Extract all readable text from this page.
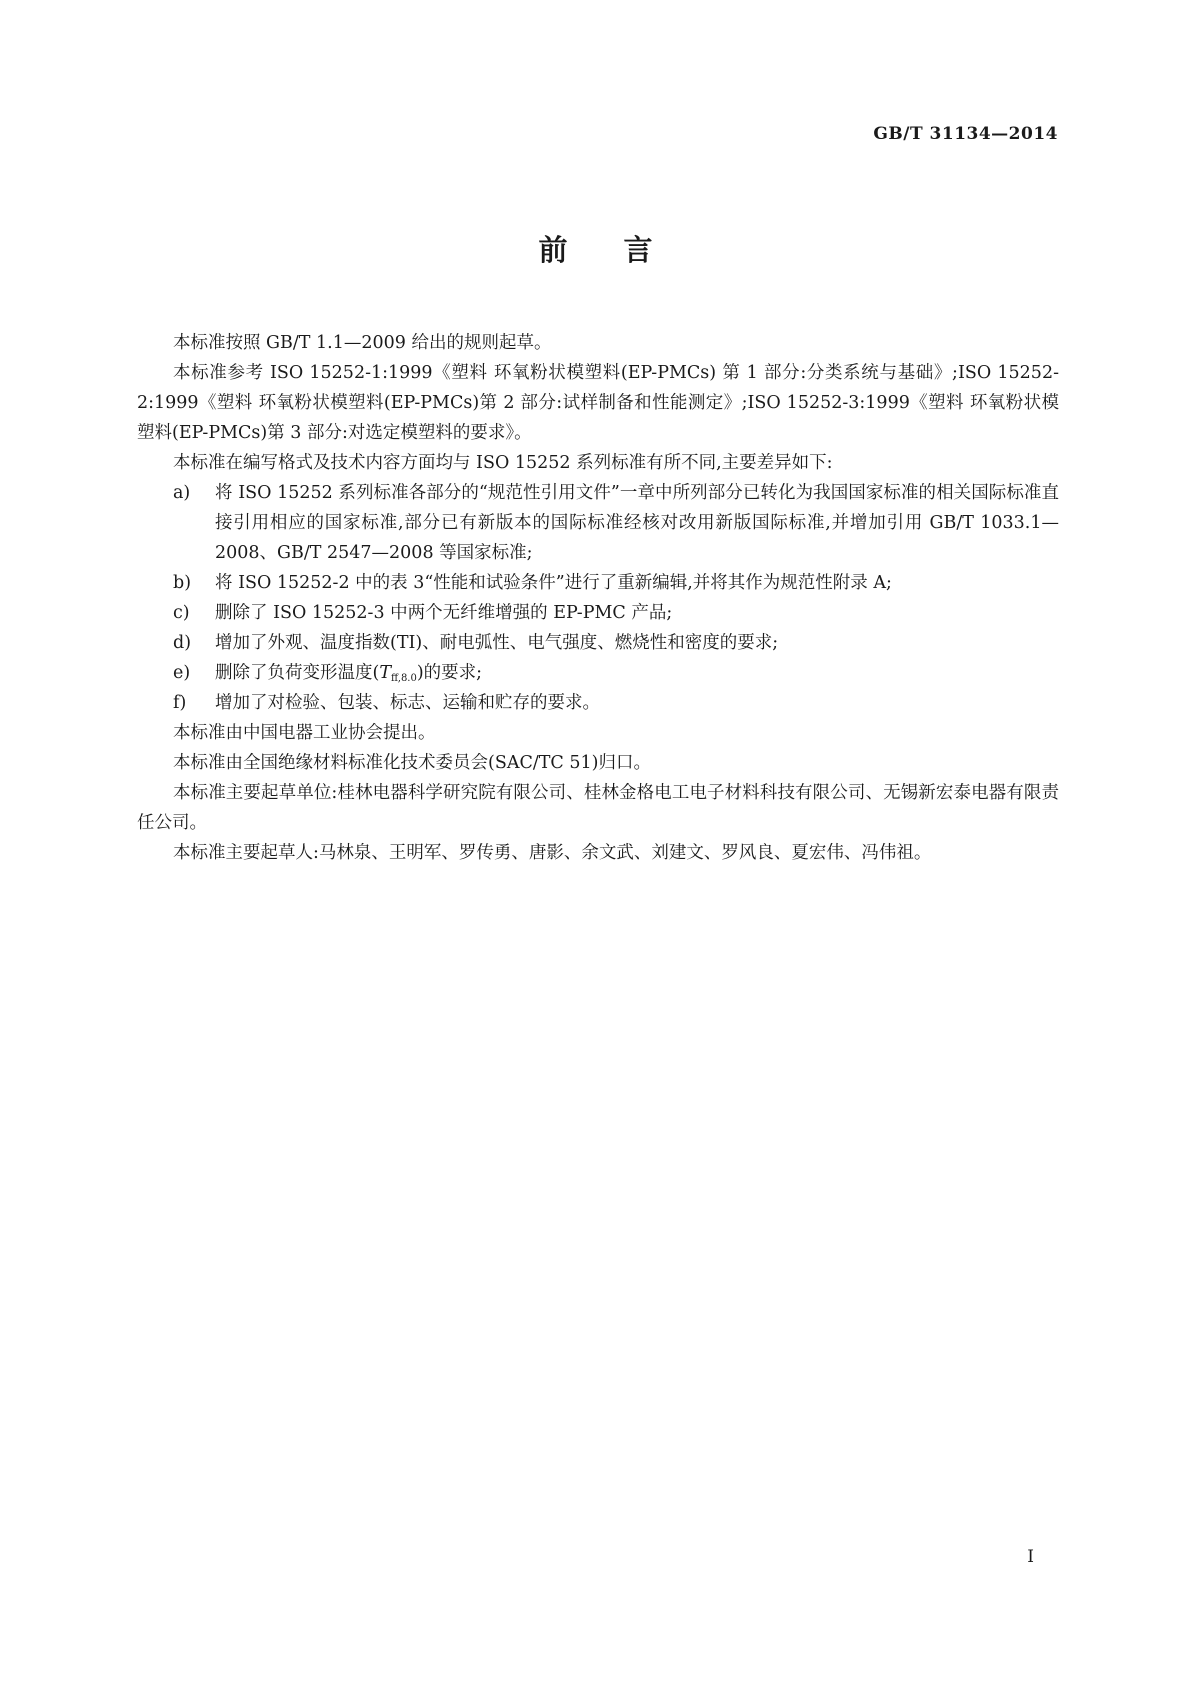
GB/T 31134—2014
前言

本标准按照 GB/T 1.1—2009 给出的规则起草。

本标准参考 ISO 15252-1:1999《塑料 环氧粉状模塑料(EP-PMCs) 第 1 部分:分类系统与基础》;ISO 15252-2:1999《塑料 环氧粉状模塑料(EP-PMCs)第 2 部分:试样制备和性能测定》;ISO 15252-3:1999《塑料 环氧粉状模塑料(EP-PMCs)第 3 部分:对选定模塑料的要求》。

本标准在编写格式及技术内容方面均与 ISO 15252 系列标准有所不同,主要差异如下:

a)	将 ISO 15252 系列标准各部分的“规范性引用文件”一章中所列部分已转化为我国国家标准的相关国际标准直接引用相应的国家标准,部分已有新版本的国际标准经核对改用新版国际标准,并增加引用 GB/T 1033.1—2008、GB/T 2547—2008 等国家标准;
b)	将 ISO 15252-2 中的表 3“性能和试验条件”进行了重新编辑,并将其作为规范性附录 A;
c)	删除了 ISO 15252-3 中两个无纤维增强的 EP-PMC 产品;
d)	增加了外观、温度指数(TI)、耐电弧性、电气强度、燃烧性和密度的要求;
e)	删除了负荷变形温度$(T_{ff,8.0})$的要求;
f)	增加了对检验、包装、标志、运输和贮存的要求。

本标准由中国电器工业协会提出。

本标准由全国绝缘材料标准化技术委员会(SAC/TC 51)归口。

本标准主要起草单位:桂林电器科学研究院有限公司、桂林金格电工电子材料科技有限公司、无锡新宏泰电器有限责任公司。

本标准主要起草人:马林泉、王明军、罗传勇、唐影、余文武、刘建文、罗风良、夏宏伟、冯伟祖。

I
